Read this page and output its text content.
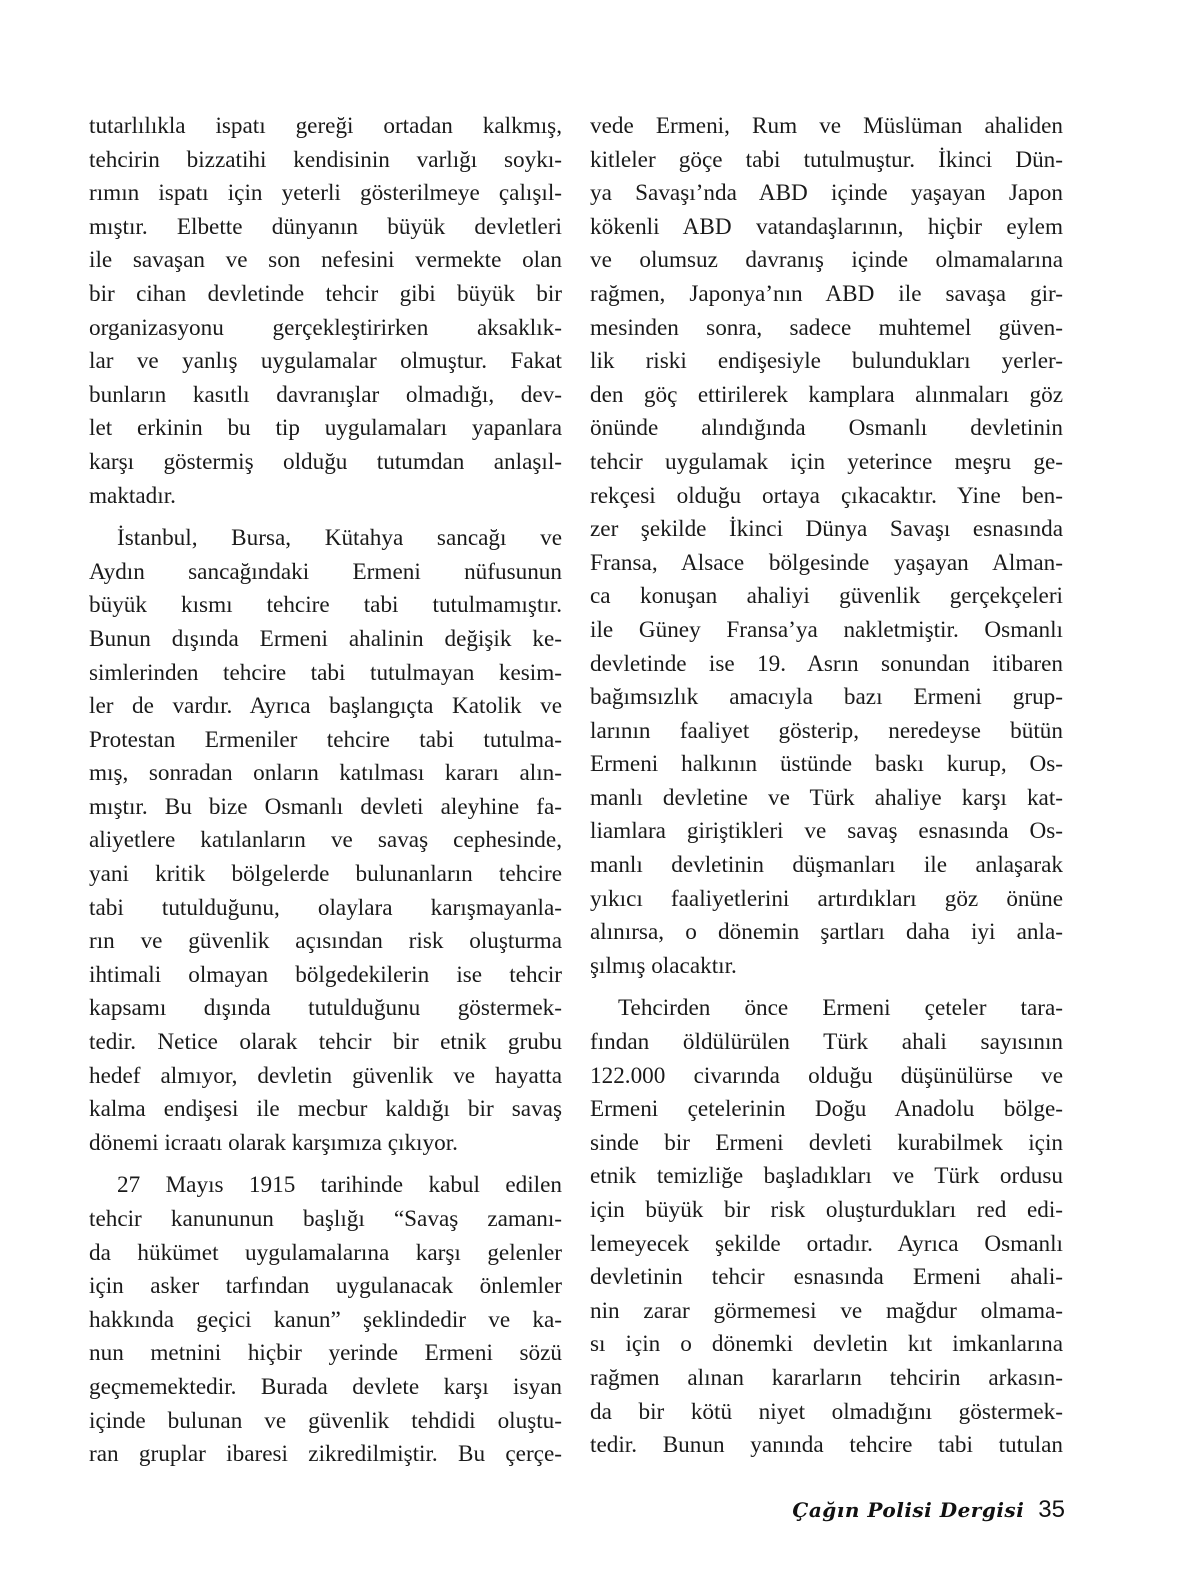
tutarlılıkla ispatı gereği ortadan kalkmış,
tehcirin bizzatihi kendisinin varlığı soykı-
rımın ispatı için yeterli gösterilmeye çalışıl-
mıştır. Elbette dünyanın büyük devletleri
ile savaşan ve son nefesini vermekte olan
bir cihan devletinde tehcir gibi büyük bir
organizasyonu gerçekleştirirken aksaklık-
lar ve yanlış uygulamalar olmuştur. Fakat
bunların kasıtlı davranışlar olmadığı, dev-
let erkinin bu tip uygulamaları yapanlara
karşı göstermiş olduğu tutumdan anlaşıl-
maktadır.

İstanbul, Bursa, Kütahya sancağı ve
Aydın sancağındaki Ermeni nüfusunun
büyük kısmı tehcire tabi tutulmamıştır.
Bunun dışında Ermeni ahalinin değişik ke-
simlerinden tehcire tabi tutulmayan kesim-
ler de vardır. Ayrıca başlangıçta Katolik ve
Protestan Ermeniler tehcire tabi tutulma-
mış, sonradan onların katılması kararı alın-
mıştır. Bu bize Osmanlı devleti aleyhine fa-
aliyetlere katılanların ve savaş cephesinde,
yani kritik bölgelerde bulunanların tehcire
tabi tutulduğunu, olaylara karışmayanla-
rın ve güvenlik açısından risk oluşturma
ihtimali olmayan bölgedekilerin ise tehcir
kapsamı dışında tutulduğunu göstermek-
tedir. Netice olarak tehcir bir etnik grubu
hedef almıyor, devletin güvenlik ve hayatta
kalma endişesi ile mecbur kaldığı bir savaş
dönemi icraatı olarak karşımıza çıkıyor.

27 Mayıs 1915 tarihinde kabul edilen
tehcir kanununun başlığı “Savaş zamanı-
da hükümet uygulamalarına karşı gelenler
için asker tarfından uygulanacak önlemler
hakkında geçici kanun” şeklindedir ve ka-
nun metnini hiçbir yerinde Ermeni sözü
geçmemektedir. Burada devlete karşı isyan
içinde bulunan ve güvenlik tehdidi oluştu-
ran gruplar ibaresi zikredilmiştir. Bu çerçe-

vede Ermeni, Rum ve Müslüman ahaliden
kitleler göçe tabi tutulmuştur. İkinci Dün-
ya Savaşı’nda ABD içinde yaşayan Japon
kökenli ABD vatandaşlarının, hiçbir eylem
ve olumsuz davranış içinde olmamalarına
rağmen, Japonya’nın ABD ile savaşa gir-
mesinden sonra, sadece muhtemel güven-
lik riski endişesiyle bulundukları yerler-
den göç ettirilerek kamplara alınmaları göz
önünde alındığında Osmanlı devletinin
tehcir uygulamak için yeterince meşru ge-
rekçesi olduğu ortaya çıkacaktır. Yine ben-
zer şekilde İkinci Dünya Savaşı esnasında
Fransa, Alsace bölgesinde yaşayan Alman-
ca konuşan ahaliyi güvenlik gerçekçeleri
ile Güney Fransa’ya nakletmiştir. Osmanlı
devletinde ise 19. Asrın sonundan itibaren
bağımsızlık amacıyla bazı Ermeni grup-
larının faaliyet gösterip, neredeyse bütün
Ermeni halkının üstünde baskı kurup, Os-
manlı devletine ve Türk ahaliye karşı kat-
liamlara giriştikleri ve savaş esnasında Os-
manlı devletinin düşmanları ile anlaşarak
yıkıcı faaliyetlerini artırdıkları göz önüne
alınırsa, o dönemin şartları daha iyi anla-
şılmış olacaktır.

Tehcirden önce Ermeni çeteler tara-
fından öldülürülen Türk ahali sayısının
122.000 civarında olduğu düşünülürse ve
Ermeni çetelerinin Doğu Anadolu bölge-
sinde bir Ermeni devleti kurabilmek için
etnik temizliğe başladıkları ve Türk ordusu
için büyük bir risk oluşturdukları red edi-
lemeyecek şekilde ortadır. Ayrıca Osmanlı
devletinin tehcir esnasında Ermeni ahali-
nin zarar görmemesi ve mağdur olmama-
sı için o dönemki devletin kıt imkanlarına
rağmen alınan kararların tehcirin arkasın-
da bir kötü niyet olmadığını göstermek-
tedir. Bunun yanında tehcire tabi tutulan

Çağın Polisi Dergisi 35
